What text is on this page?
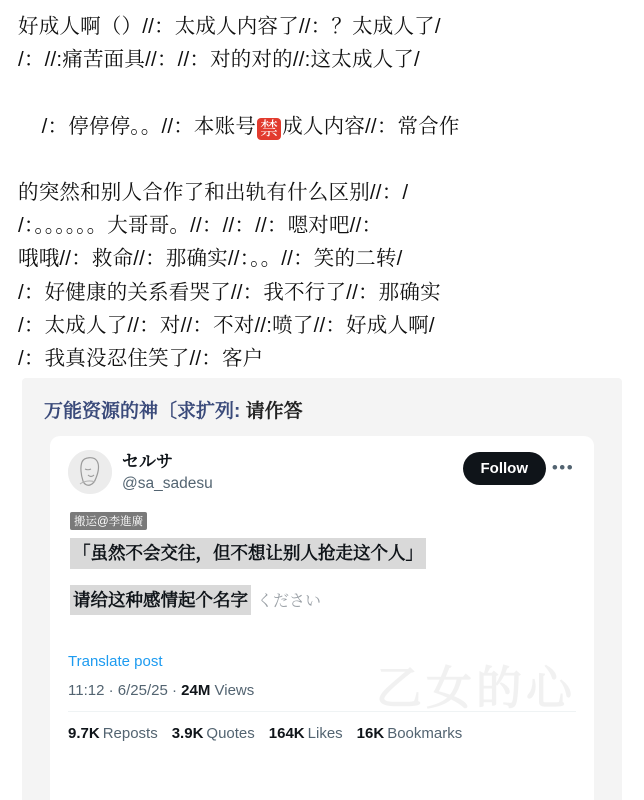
好成人啊（）//：太成人内容了//：？太成人了/
/：//:痛苦面具//：//：对的对的//:这太成人了/

/：停停停。。//：本账号 禁 成人内容//：常合作

的突然和别人合作了和出轨有什么区别//：/
/：。。。。。。大哥哥。//：//：//：嗯对吧//：
哦哦//：救命//：那确实//：。。//：笑的二转/
/：好健康的关系看哭了//：我不行了//：那确实
/：太成人了//：对//：不对//:喷了//：好成人啊/
/：我真没忍住笑了//：客户
万能资源的神〔求扩列: 请作答
乙女的心
セルサ
@sa_sadesu
Follow	•••
搬运@李進廣
「虽然不会交往，但不想让别人抢走这个人」
请给这种感情起个名字 ください
Translate post
11:12 · 6/25/25 · 24M Views
9.7K Reposts 3.9K Quotes 164K Likes 16K Bookmarks
